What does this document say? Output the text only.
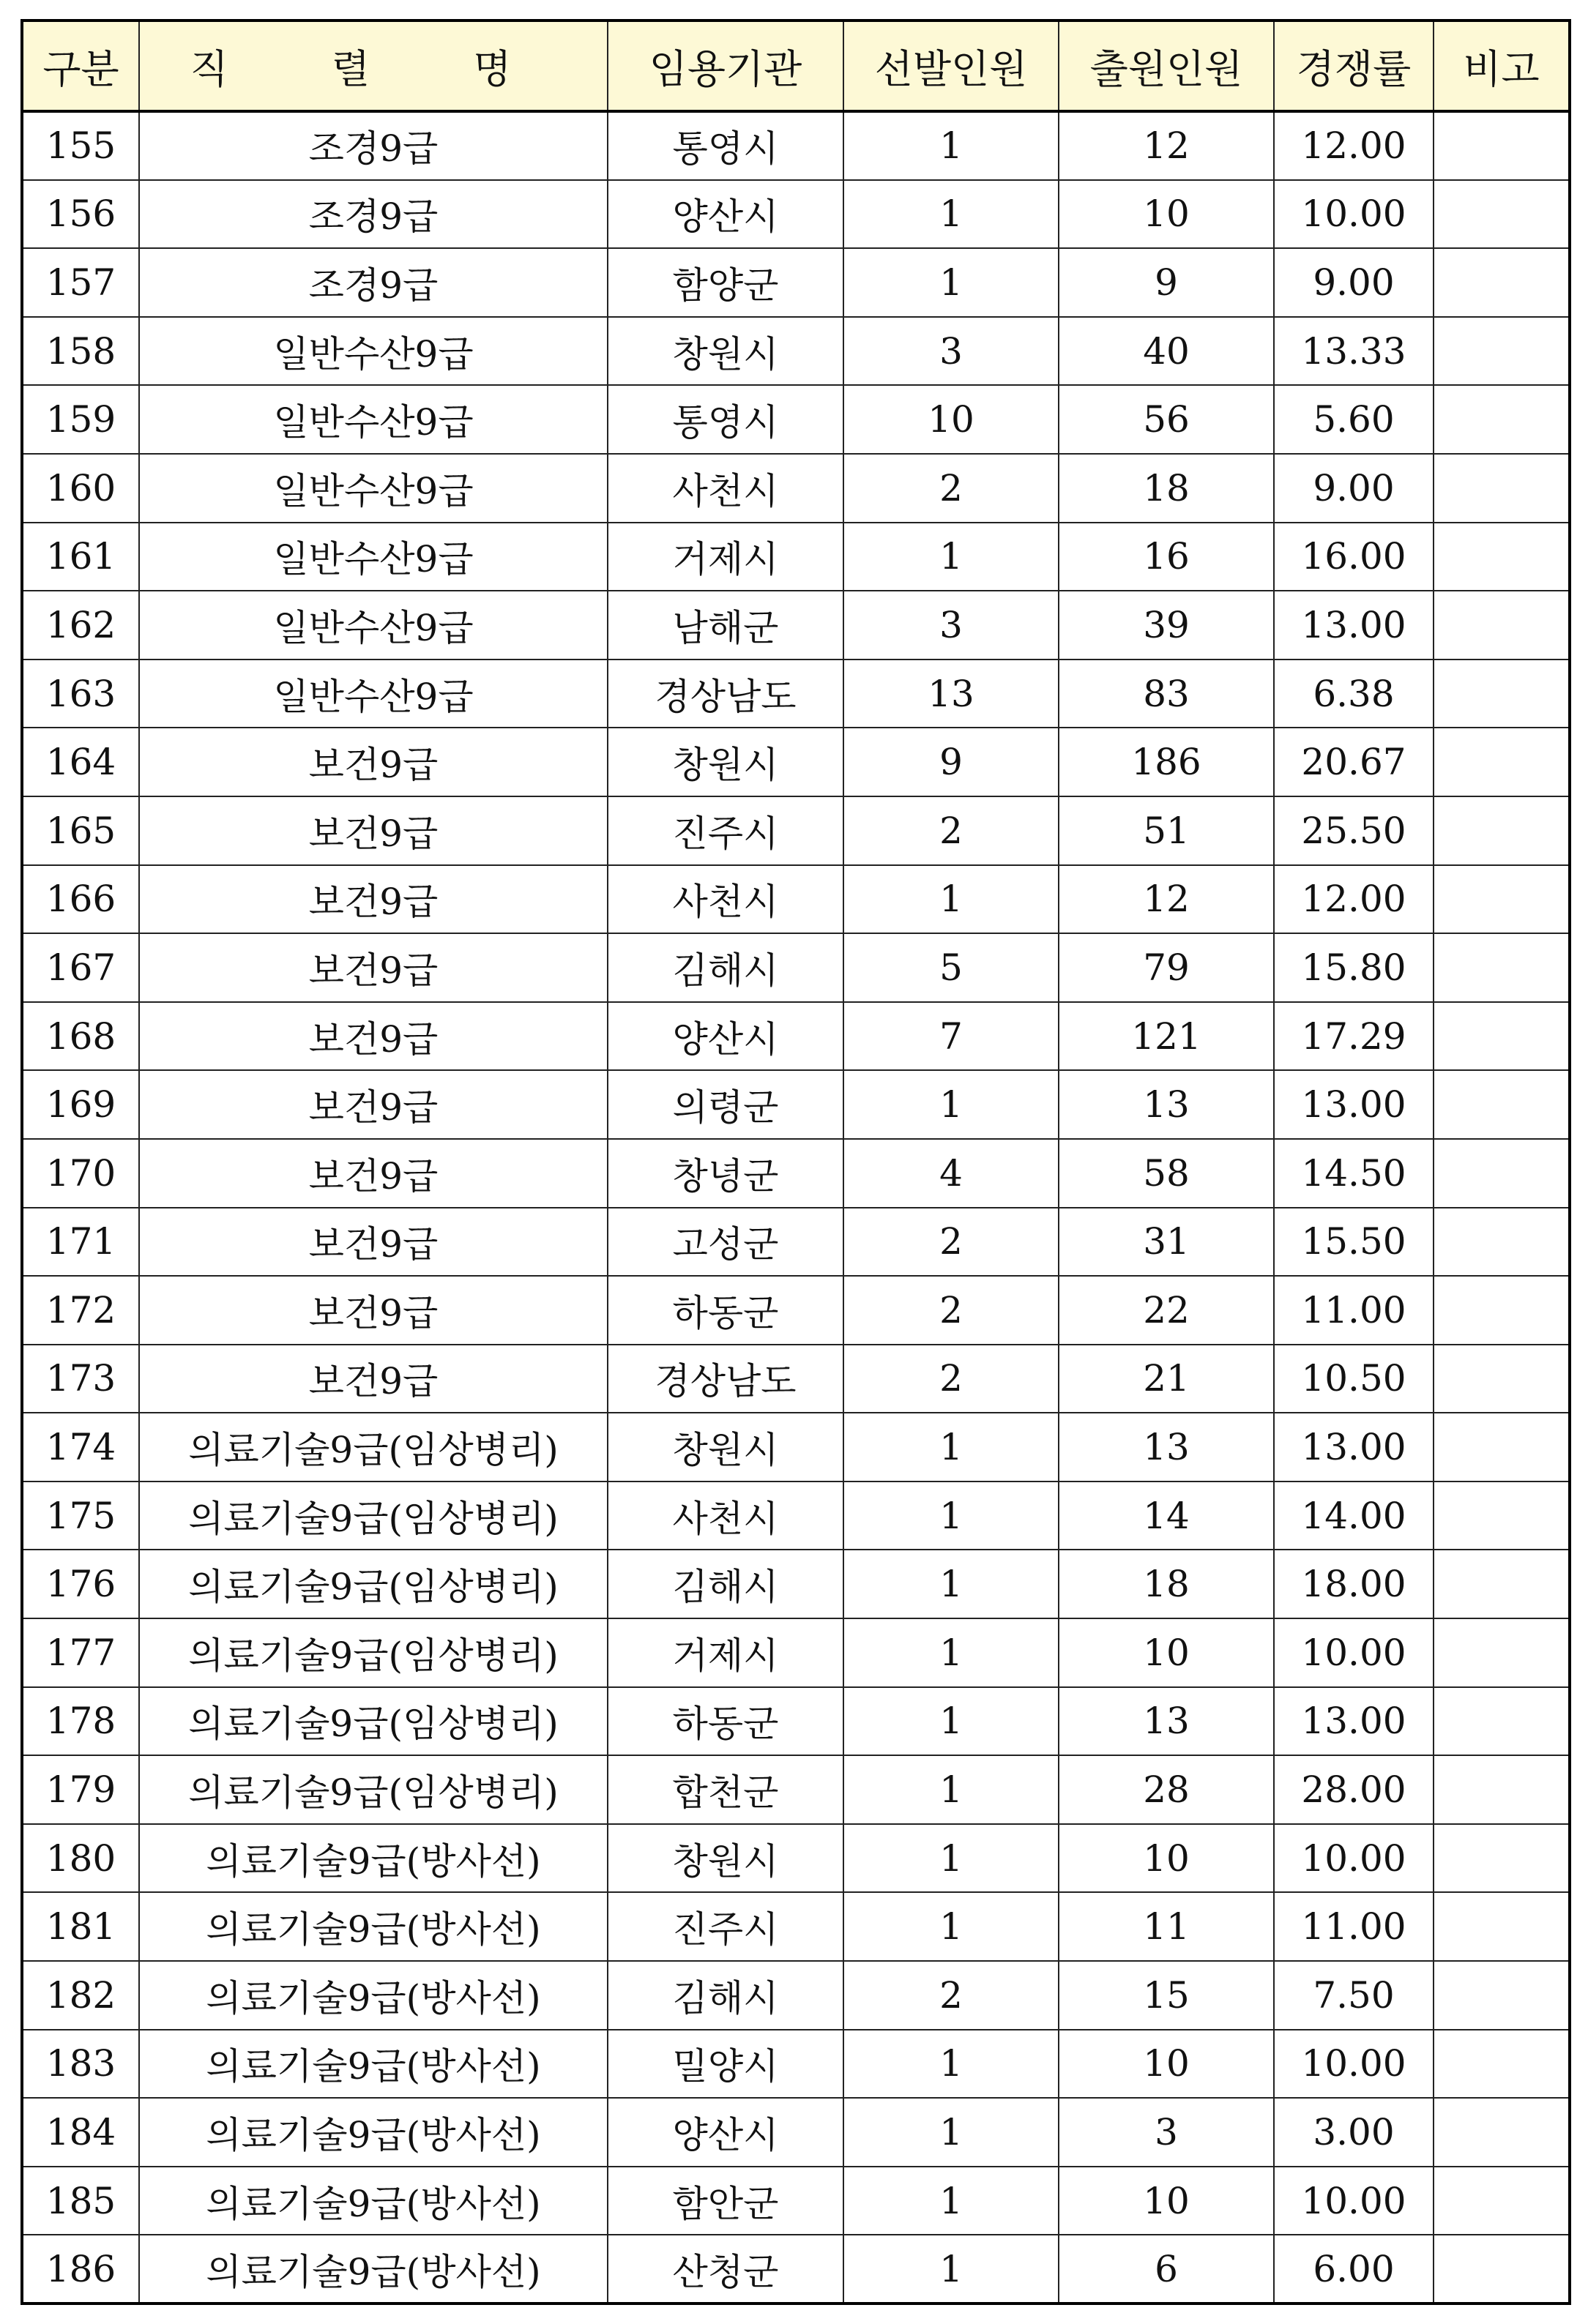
구분	직 렬 명	임용기관	선발인원	출원인원	경쟁률	비고
155	조경9급	통영시	1	12	12.00	
156	조경9급	양산시	1	10	10.00	
157	조경9급	함양군	1	9	9.00	
158	일반수산9급	창원시	3	40	13.33	
159	일반수산9급	통영시	10	56	5.60	
160	일반수산9급	사천시	2	18	9.00	
161	일반수산9급	거제시	1	16	16.00	
162	일반수산9급	남해군	3	39	13.00	
163	일반수산9급	경상남도	13	83	6.38	
164	보건9급	창원시	9	186	20.67	
165	보건9급	진주시	2	51	25.50	
166	보건9급	사천시	1	12	12.00	
167	보건9급	김해시	5	79	15.80	
168	보건9급	양산시	7	121	17.29	
169	보건9급	의령군	1	13	13.00	
170	보건9급	창녕군	4	58	14.50	
171	보건9급	고성군	2	31	15.50	
172	보건9급	하동군	2	22	11.00	
173	보건9급	경상남도	2	21	10.50	
174	의료기술9급(임상병리)	창원시	1	13	13.00	
175	의료기술9급(임상병리)	사천시	1	14	14.00	
176	의료기술9급(임상병리)	김해시	1	18	18.00	
177	의료기술9급(임상병리)	거제시	1	10	10.00	
178	의료기술9급(임상병리)	하동군	1	13	13.00	
179	의료기술9급(임상병리)	합천군	1	28	28.00	
180	의료기술9급(방사선)	창원시	1	10	10.00	
181	의료기술9급(방사선)	진주시	1	11	11.00	
182	의료기술9급(방사선)	김해시	2	15	7.50	
183	의료기술9급(방사선)	밀양시	1	10	10.00	
184	의료기술9급(방사선)	양산시	1	3	3.00	
185	의료기술9급(방사선)	함안군	1	10	10.00	
186	의료기술9급(방사선)	산청군	1	6	6.00	
